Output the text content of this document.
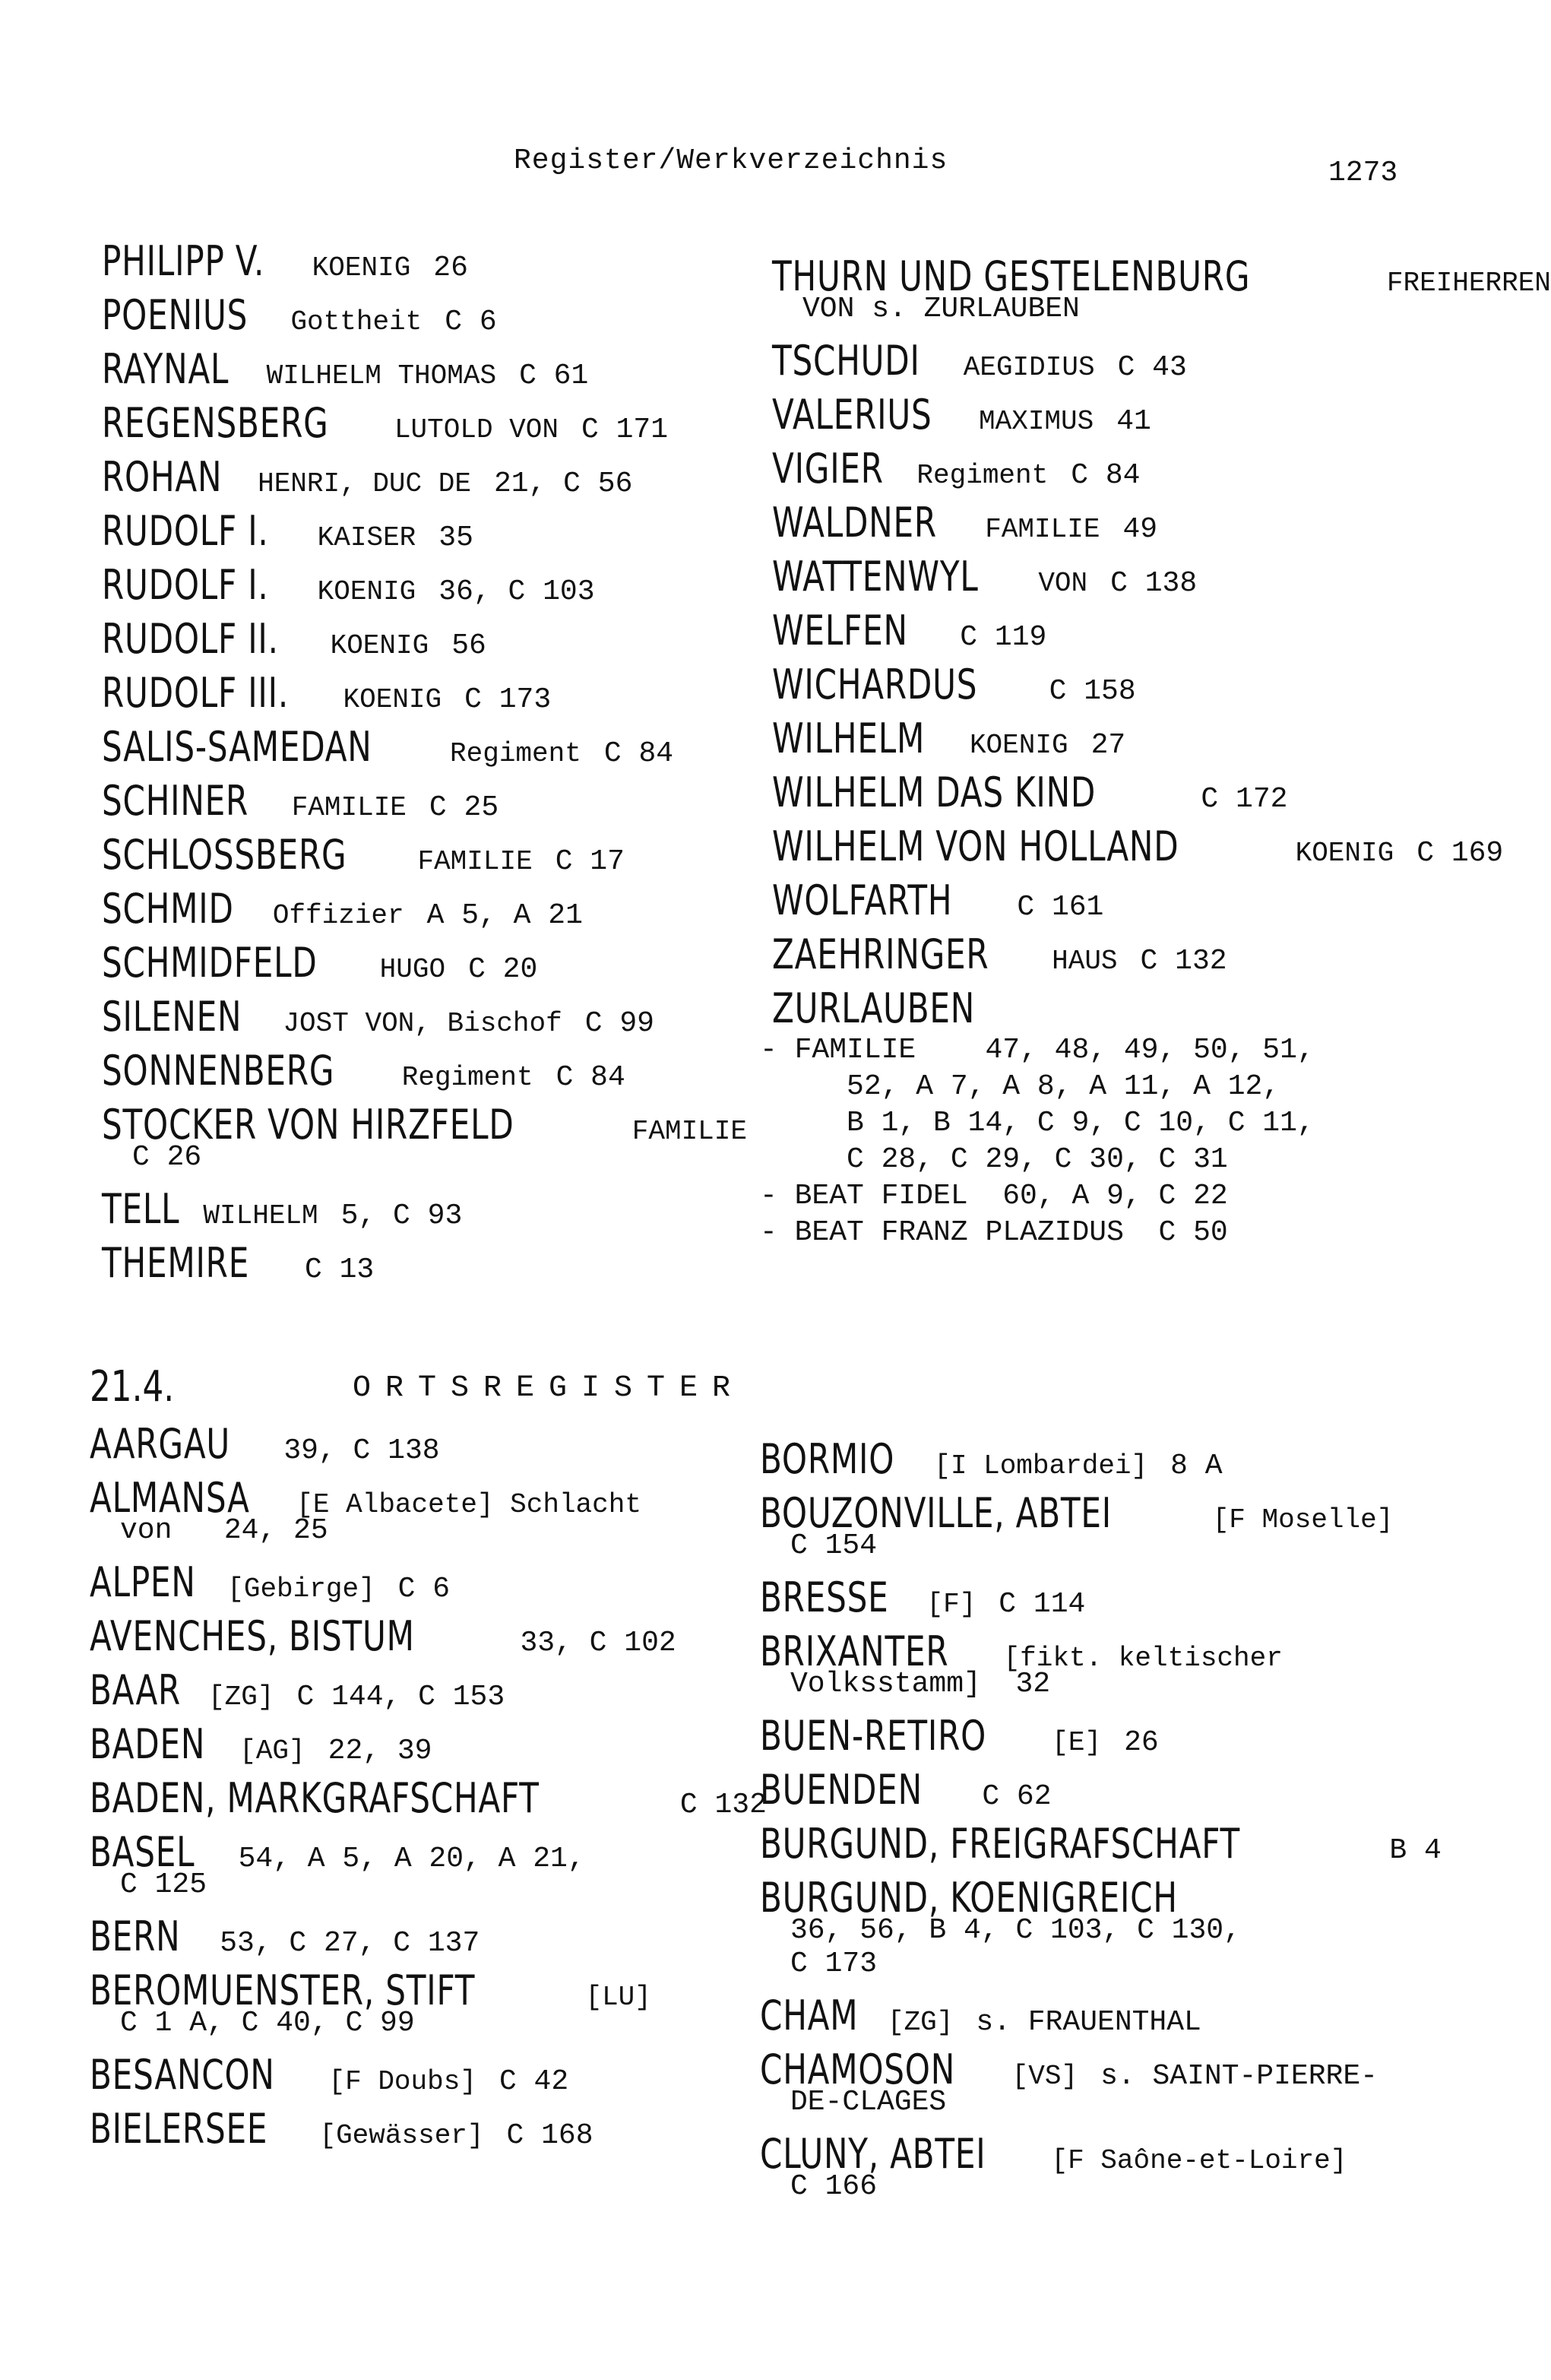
Register/Werkverzeichnis	1273
PHILIPP V. KOENIG 26
POENIUS Gottheit C 6
RAYNAL WILHELM THOMAS C 61
REGENSBERG LUTOLD VON C 171
ROHAN HENRI, DUC DE 21, C 56
RUDOLF I. KAISER 35
RUDOLF I. KOENIG 36, C 103
RUDOLF II. KOENIG 56
RUDOLF III. KOENIG C 173
SALIS-SAMEDAN	Regiment C 84
SCHINER FAMILIE C 25
SCHLOSSBERG	FAMILIE C 17
SCHMID Offizier A 5, A 21
SCHMIDFELD HUGO C 20
SILENEN JOST VON, Bischof C 99
SONNENBERG Regiment C 84
STOCKER VON HIRZFELD	FAMILIE
C 26
TELL WILHELM 5, C 93
THEMIRE C 13
THURN UND GESTELENBURG	FREIHERREN
VON s. ZURLAUBEN
TSCHUDI AEGIDIUS C 43
VALERIUS MAXIMUS 41
VIGIER Regiment C 84
WALDNER FAMILIE 49
WATTENWYL VON C 138
WELFEN C 119
WICHARDUS C 158
WILHELM KOENIG 27
WILHELM DAS KIND	C 172
WILHELM VON HOLLAND	KOENIG C 169
WOLFARTH C 161
ZAEHRINGER HAUS C 132
ZURLAUBEN
- FAMILIE    47, 48, 49, 50, 51,
52, A 7, A 8, A 11, A 12,
B 1, B 14, C 9, C 10, C 11,
C 28, C 29, C 30, C 31
- BEAT FIDEL  60, A 9, C 22
- BEAT FRANZ PLAZIDUS  C 50
21.4.	ORTSREGISTER
AARGAU 39, C 138
ALMANSA [E Albacete] Schlacht
von   24, 25
ALPEN [Gebirge] C 6
AVENCHES, BISTUM	33, C 102
BAAR [ZG] C 144, C 153
BADEN [AG] 22, 39
BADEN, MARKGRAFSCHAFT	C 132
BASEL 54, A 5, A 20, A 21,
C 125
BERN 53, C 27, C 137
BEROMUENSTER, STIFT	[LU]
C 1 A, C 40, C 99
BESANCON [F Doubs] C 42
BIELERSEE [Gewässer] C 168
BORMIO [I Lombardei] 8 A
BOUZONVILLE, ABTEI	[F Moselle]
C 154
BRESSE [F] C 114
BRIXANTER [fikt. keltischer
Volksstamm]  32
BUEN-RETIRO [E] 26
BUENDEN C 62
BURGUND, FREIGRAFSCHAFT	B 4
BURGUND, KOENIGREICH
36, 56, B 4, C 103, C 130,
C 173
CHAM [ZG] s. FRAUENTHAL
CHAMOSON [VS] s. SAINT-PIERRE-
DE-CLAGES
CLUNY, ABTEI [F Saône-et-Loire]
C 166
